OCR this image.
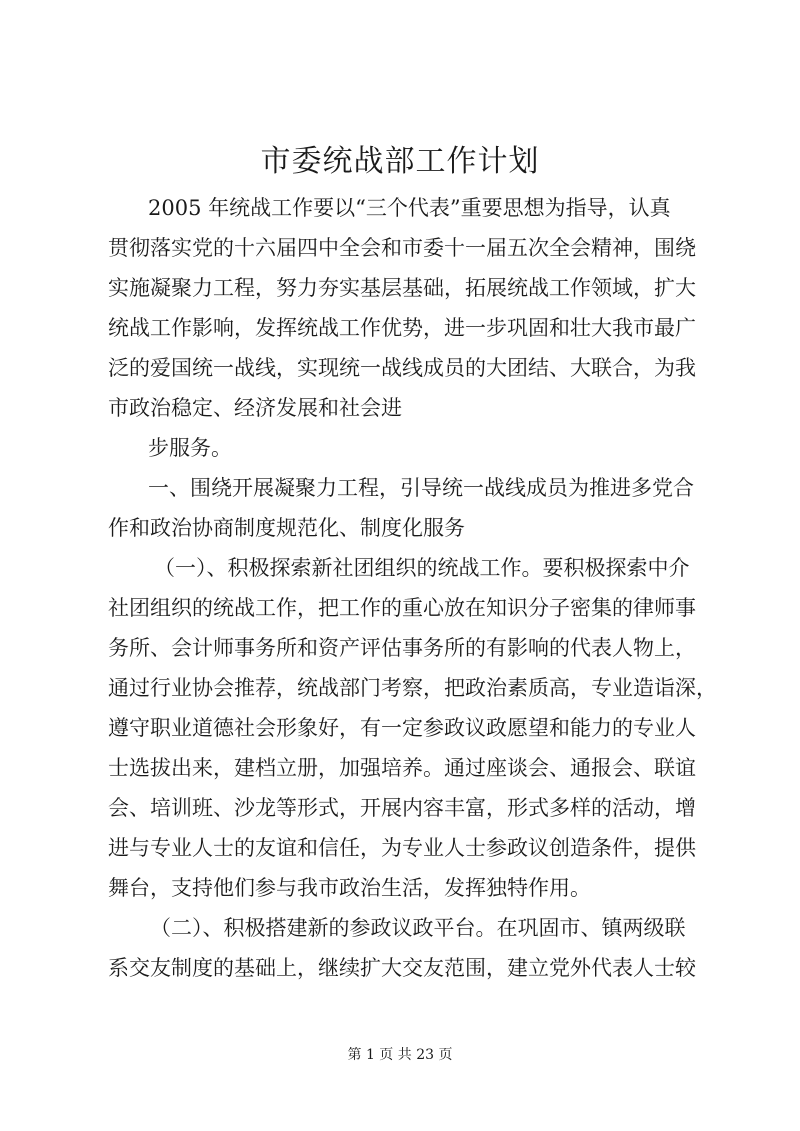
市委统战部工作计划
2005 年统战工作要以“三个代表”重要思想为指导，认真
贯彻落实党的十六届四中全会和市委十一届五次全会精神，围绕
实施凝聚力工程，努力夯实基层基础，拓展统战工作领域，扩大
统战工作影响，发挥统战工作优势，进一步巩固和壮大我市最广
泛的爱国统一战线，实现统一战线成员的大团结、大联合，为我
市政治稳定、经济发展和社会进
步服务。
一、围绕开展凝聚力工程，引导统一战线成员为推进多党合
作和政治协商制度规范化、制度化服务
（一）、积极探索新社团组织的统战工作。要积极探索中介
社团组织的统战工作，把工作的重心放在知识分子密集的律师事
务所、会计师事务所和资产评估事务所的有影响的代表人物上，
通过行业协会推荐，统战部门考察，把政治素质高，专业造诣深，
遵守职业道德社会形象好，有一定参政议政愿望和能力的专业人
士选拔出来，建档立册，加强培养。通过座谈会、通报会、联谊
会、培训班、沙龙等形式，开展内容丰富，形式多样的活动，增
进与专业人士的友谊和信任，为专业人士参政议创造条件，提供
舞台，支持他们参与我市政治生活，发挥独特作用。
（二）、积极搭建新的参政议政平台。在巩固市、镇两级联
系交友制度的基础上，继续扩大交友范围，建立党外代表人士较
第 1 页 共 23 页
